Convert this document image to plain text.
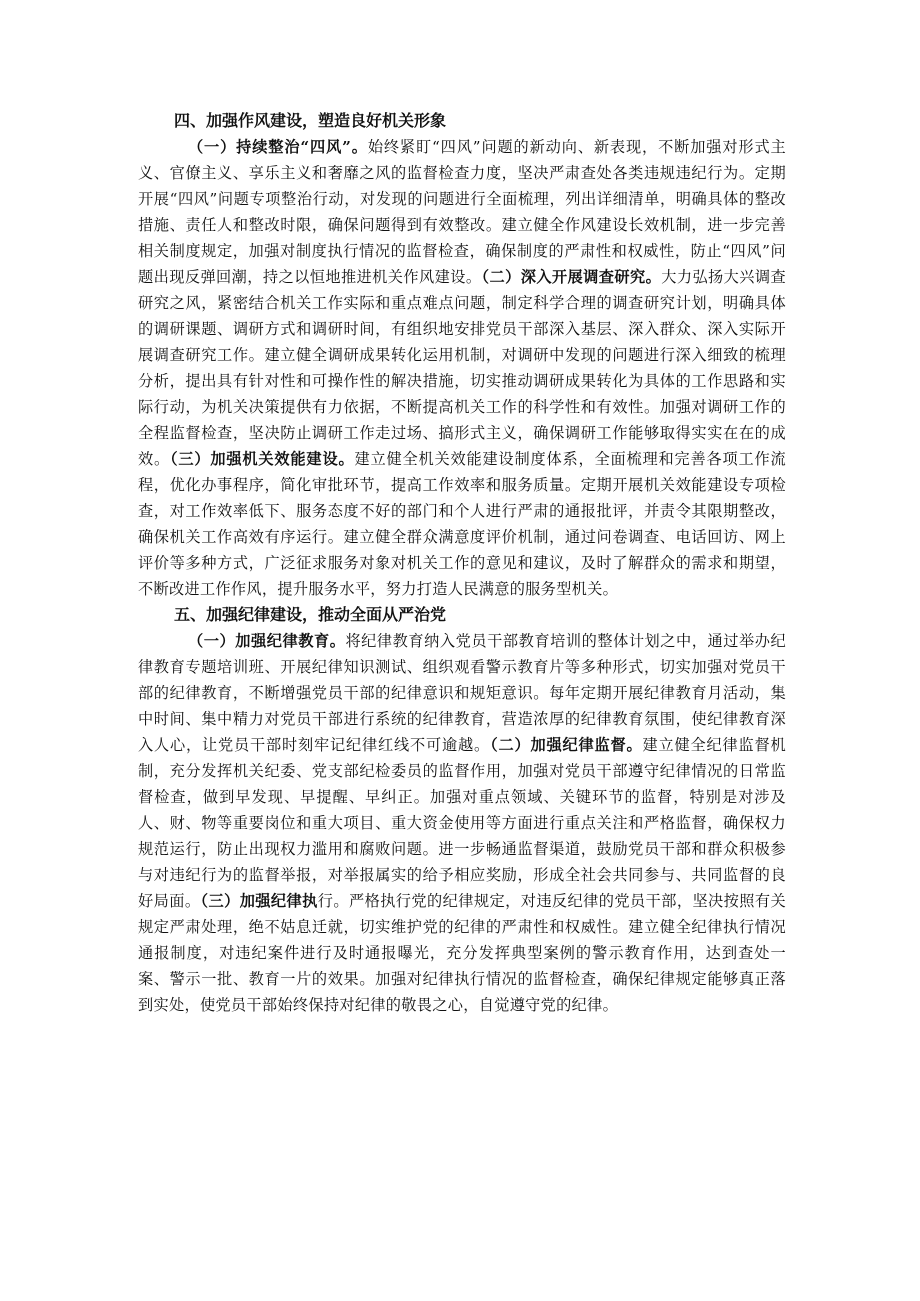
四、加强作风建设，塑造良好机关形象

（一）持续整治“四风”。始终紧盯“四风”问题的新动向、新表现，不断加强对形式主义、官僚主义、享乐主义和奢靡之风的监督检查力度，坚决严肃查处各类违规违纪行为。定期开展“四风”问题专项整治行动，对发现的问题进行全面梳理，列出详细清单，明确具体的整改措施、责任人和整改时限，确保问题得到有效整改。建立健全作风建设长效机制，进一步完善相关制度规定，加强对制度执行情况的监督检查，确保制度的严肃性和权威性，防止“四风”问题出现反弹回潮，持之以恒地推进机关作风建设。（二）深入开展调查研究。大力弘扬大兴调查研究之风，紧密结合机关工作实际和重点难点问题，制定科学合理的调查研究计划，明确具体的调研课题、调研方式和调研时间，有组织地安排党员干部深入基层、深入群众、深入实际开展调查研究工作。建立健全调研成果转化运用机制，对调研中发现的问题进行深入细致的梳理分析，提出具有针对性和可操作性的解决措施，切实推动调研成果转化为具体的工作思路和实际行动，为机关决策提供有力依据，不断提高机关工作的科学性和有效性。加强对调研工作的全程监督检查，坚决防止调研工作走过场、搞形式主义，确保调研工作能够取得实实在在的成效。（三）加强机关效能建设。建立健全机关效能建设制度体系，全面梳理和完善各项工作流程，优化办事程序，简化审批环节，提高工作效率和服务质量。定期开展机关效能建设专项检查，对工作效率低下、服务态度不好的部门和个人进行严肃的通报批评，并责令其限期整改，确保机关工作高效有序运行。建立健全群众满意度评价机制，通过问卷调查、电话回访、网上评价等多种方式，广泛征求服务对象对机关工作的意见和建议，及时了解群众的需求和期望，不断改进工作作风，提升服务水平，努力打造人民满意的服务型机关。

五、加强纪律建设，推动全面从严治党

（一）加强纪律教育。将纪律教育纳入党员干部教育培训的整体计划之中，通过举办纪律教育专题培训班、开展纪律知识测试、组织观看警示教育片等多种形式，切实加强对党员干部的纪律教育，不断增强党员干部的纪律意识和规矩意识。每年定期开展纪律教育月活动，集中时间、集中精力对党员干部进行系统的纪律教育，营造浓厚的纪律教育氛围，使纪律教育深入人心，让党员干部时刻牢记纪律红线不可逾越。（二）加强纪律监督。建立健全纪律监督机制，充分发挥机关纪委、党支部纪检委员的监督作用，加强对党员干部遵守纪律情况的日常监督检查，做到早发现、早提醒、早纠正。加强对重点领域、关键环节的监督，特别是对涉及人、财、物等重要岗位和重大项目、重大资金使用等方面进行重点关注和严格监督，确保权力规范运行，防止出现权力滥用和腐败问题。进一步畅通监督渠道，鼓励党员干部和群众积极参与对违纪行为的监督举报，对举报属实的给予相应奖励，形成全社会共同参与、共同监督的良好局面。（三）加强纪律执行。严格执行党的纪律规定，对违反纪律的党员干部，坚决按照有关规定严肃处理，绝不姑息迁就，切实维护党的纪律的严肃性和权威性。建立健全纪律执行情况通报制度，对违纪案件进行及时通报曝光，充分发挥典型案例的警示教育作用，达到查处一案、警示一批、教育一片的效果。加强对纪律执行情况的监督检查，确保纪律规定能够真正落到实处，使党员干部始终保持对纪律的敬畏之心，自觉遵守党的纪律。
